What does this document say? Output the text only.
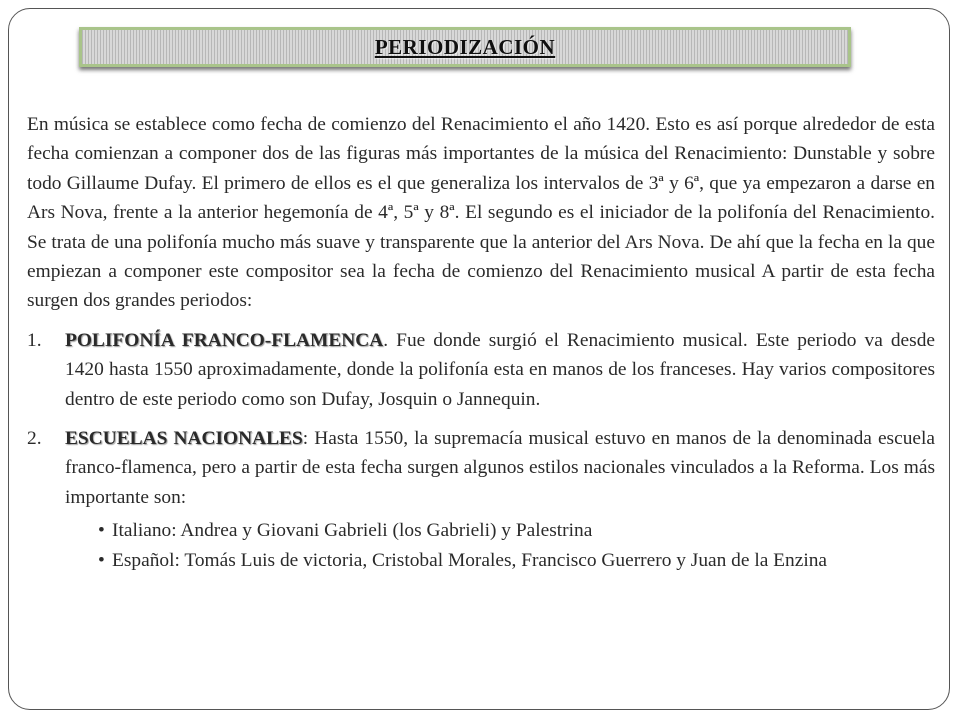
PERIODIZACIÓN

En música se establece como fecha de comienzo del Renacimiento el año 1420. Esto es así porque alrededor de esta fecha comienzan a componer dos de las figuras más importantes de la música del Renacimiento: Dunstable y sobre todo Gillaume Dufay. El primero de ellos es el que generaliza los intervalos de 3ª y 6ª, que ya empezaron a darse en Ars Nova, frente a la anterior hegemonía de 4ª, 5ª y 8ª. El segundo es el iniciador de la polifonía del Renacimiento. Se trata de una polifonía mucho más suave y transparente que la anterior del Ars Nova. De ahí que la fecha en la que empiezan a componer este compositor sea la fecha de comienzo del Renacimiento musical A partir de esta fecha surgen dos grandes periodos:

1. POLIFONÍA FRANCO-FLAMENCA. Fue donde surgió el Renacimiento musical. Este periodo va desde 1420 hasta 1550 aproximadamente, donde la polifonía esta en manos de los franceses. Hay varios compositores dentro de este periodo como son Dufay, Josquin o Jannequin.
2. ESCUELAS NACIONALES: Hasta 1550, la supremacía musical estuvo en manos de la denominada escuela franco-flamenca, pero a partir de esta fecha surgen algunos estilos nacionales vinculados a la Reforma. Los más importante son:
• Italiano: Andrea y Giovani Gabrieli (los Gabrieli) y Palestrina
• Español: Tomás Luis de victoria, Cristobal Morales, Francisco Guerrero y Juan de la Enzina
